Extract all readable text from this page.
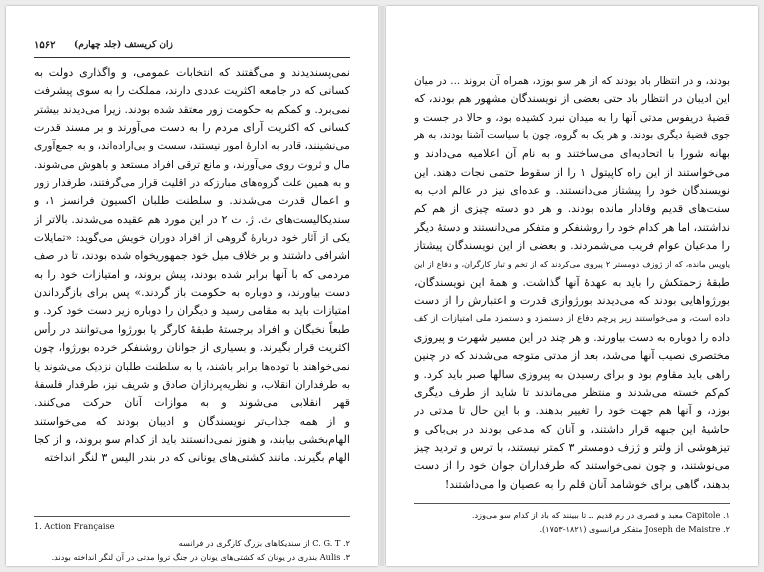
۱۵۶۲ زان کریستف (جلد چهارم)
نمی‌پسندیدند و می‌گفتند که انتخابات عمومی، و واگذاری دولت به
کسانی که در جامعه اکثریت عددی دارند، مملکت را به سوی پیشرفت
نمی‌برد. و کمکم به حکومت زور معتقد شده بودند. زیرا می‌دیدند بیشتر
کسانی که اکثریت آرای مردم را به دست می‌آورند و بر مسند قدرت
می‌نشینند، قادر به ادارهٔ امور نیستند، سست و بی‌اراده‌اند، و به جمع‌آوری
مال و ثروت روی می‌آورند، و مانع ترقی افراد مستعد و باهوش می‌شوند.
و به همین علت گروه‌های مبارزکه در اقلیت قرار می‌گرفتند، طرفدار زور
و اعمال قدرت می‌شدند. و سلطنت طلبان اکسیون فرانسز ۱، و
سندیکالیست‌های ث. ژ. ت ۲ در این مورد هم عقیده می‌شدند. بالاتر از
یکی از آثار خود دربارهٔ گروهی از افراد دوران خویش می‌گوید: «تمایلات
اشرافی داشتند و بر خلاف میل خود جمهوریخواه شده بودند، تا در صف
مردمی که با آنها برابر شده بودند، پیش بروند، و امتیازات خود را به
دست بیاورند، و دوباره به حکومت باز گردند.» پس برای بازگرداندن
امتیازات باید به مقامی رسید و دیگران را دوباره زیر دست خود کرد. و
طبعاً نخبگان و افراد برجستهٔ طبقهٔ کارگر یا بورژوا می‌توانند در رأس
اکثریت قرار بگیرند. و بسیاری از جوانان روشنفکر خرده بورژوا، چون
نمی‌خواهند با توده‌ها برابر باشند، یا به سلطنت طلبان نزدیک می‌شوند یا
به طرفداران انقلاب، و نظریه‌پردازان صادق و شریف نیز، طرفدار فلسفهٔ
قهر انقلابی می‌شوند و به موازات آنان حرکت می‌کنند.
و از همه جذاب‌تر نویسندگان و ادیبان بودند که می‌خواستند
الهام‌بخشی بیابند، و هنوز نمی‌دانستند باید از کدام سو بروند، و از کجا
الهام بگیرند. مانند کشتی‌های یونانی که در بندر الیس ۳ لنگر انداخته
1. Action Française
C. G. T .۲ از سندیکاهای بزرگ کارگری در فرانسه
Aulis .۳ بندری در یونان که کشتی‌های یونان در جنگ تروا مدتی در آن لنگر انداخته بودند.
بودند، و در انتظار باد بودند که از هر سو بوزد، همراه آن بروند ... در میان
این ادیبان در انتظار باد حتی بعضی از نویسندگان مشهور هم بودند، که
قضیهٔ دریفوس مدتی آنها را به میدان نبرد کشیده بود، و حالا در جست و
جوی قضیهٔ دیگری بودند. و هر یک به گروه، چون با سیاست آشنا بودند، به هر
بهانه شورا با اتحادیه‌ای می‌ساختند و به نام آن اعلامیه می‌دادند و
می‌خواستند از این راه کاپیتول ۱ را از سقوط حتمی نجات دهند. این
نویسندگان خود را پیشتاز می‌دانستند. و عده‌ای نیز در عالم ادب به
سنت‌های قدیم وفادار مانده بودند. و هر دو دسته چیزی از هم کم
نداشتند، اما هر کدام خود را روشنفکر و متفکر می‌دانستند و دستهٔ دیگر
را مدعیان عوام فریب می‌شمردند. و بعضی از این نویسندگان پیشتاز
یاوپس مانده، که از ژوزف دومستر ۲ پیروی می‌کردند که از تخم و تبار کارگران، و دفاع از این
طبقهٔ زحمتکش را باید به عهدهٔ آنها گذاشت. و همهٔ این نویسندگان،
بورژواهایی بودند که می‌دیدند بورژوازی قدرت و اعتبارش را از دست
داده است، و می‌خواستند زیر پرچم دفاع از دستمزد و دستمزد ملی امتیازات از کف
داده را دوباره به دست بیاورند. و هر چند در این مسیر شهرت و پیروزی
مختصری نصیب آنها می‌شد، بعد از مدتی متوجه می‌شدند که در چنین
راهی باید مقاوم بود و برای رسیدن به پیروزی سالها صبر باید کرد. و
کم‌کم خسته می‌شدند و منتظر می‌ماندند تا شاید از طرف دیگری
بوزد، و آنها هم جهت خود را تغییر بدهند. و با این حال تا مدتی در
حاشیهٔ این جبهه قرار داشتند، و آنان که مدعی بودند در بی‌باکی و
تیزهوشی از ولتر و ژزف دومستر ۳ کمتر نیستند، با ترس و تردید چیز
می‌نوشتند، و چون نمی‌خواستند که طرفداران جوان خود را از دست
بدهند، گاهی برای خوشامد آنان قلم را به عصیان وا می‌داشتند!
۱. Capitole معبد و قصری در رم قدیم .ـ تا ببینند که باد از کدام سو می‌وزد.
۲. Joseph de Maistre متفکر فرانسوی (۱۸۲۱-۱۷۵۳).
